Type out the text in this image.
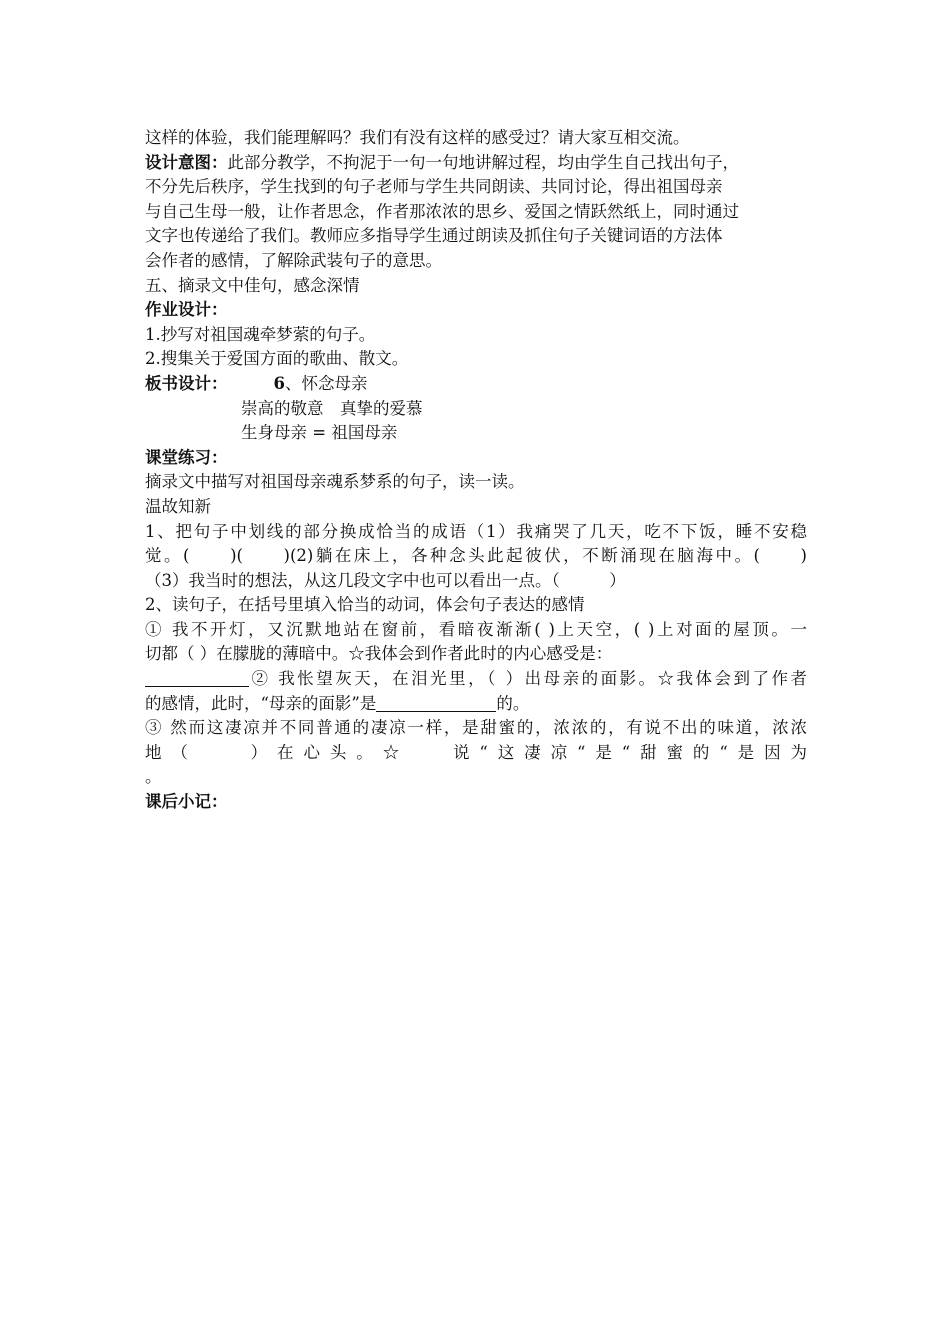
这样的体验，我们能理解吗？我们有没有这样的感受过？请大家互相交流。
设计意图：此部分教学，不拘泥于一句一句地讲解过程，均由学生自己找出句子，
不分先后秩序，学生找到的句子老师与学生共同朗读、共同讨论，得出祖国母亲
与自己生母一般，让作者思念，作者那浓浓的思乡、爱国之情跃然纸上，同时通过
文字也传递给了我们。教师应多指导学生通过朗读及抓住句子关键词语的方法体
会作者的感情，了解除武装句子的意思。
五、摘录文中佳句，感念深情
作业设计：
1.抄写对祖国魂牵梦萦的句子。
2.搜集关于爱国方面的歌曲、散文。
板书设计：	6、怀念母亲
崇高的敬意　真挚的爱慕
生身母亲 = 祖国母亲
课堂练习：
摘录文中描写对祖国母亲魂系梦系的句子，读一读。
温故知新
1、把句子中划线的部分换成恰当的成语（1）我痛哭了几天，吃不下饭，睡不安稳
觉。(　　)(　　)(2)躺在床上，各种念头此起彼伏，不断涌现在脑海中。(　　)
（3）我当时的想法，从这几段文字中也可以看出一点。（　　　）
2、读句子，在括号里填入恰当的动词，体会句子表达的感情
① 我不开灯，又沉默地站在窗前，看暗夜渐渐( )上天空，( )上对面的屋顶。一
切都（ ）在朦胧的薄暗中。☆我体会到作者此时的内心感受是：
② 我怅望灰天，在泪光里，（ ）出母亲的面影。☆我体会到了作者
的感情，此时，“母亲的面影”是	的。
③ 然而这凄凉并不同普通的凄凉一样，是甜蜜的，浓浓的，有说不出的味道，浓浓
地（　　）在心头。☆ 说“这凄凉“是“甜蜜的“是因为
。
课后小记：
